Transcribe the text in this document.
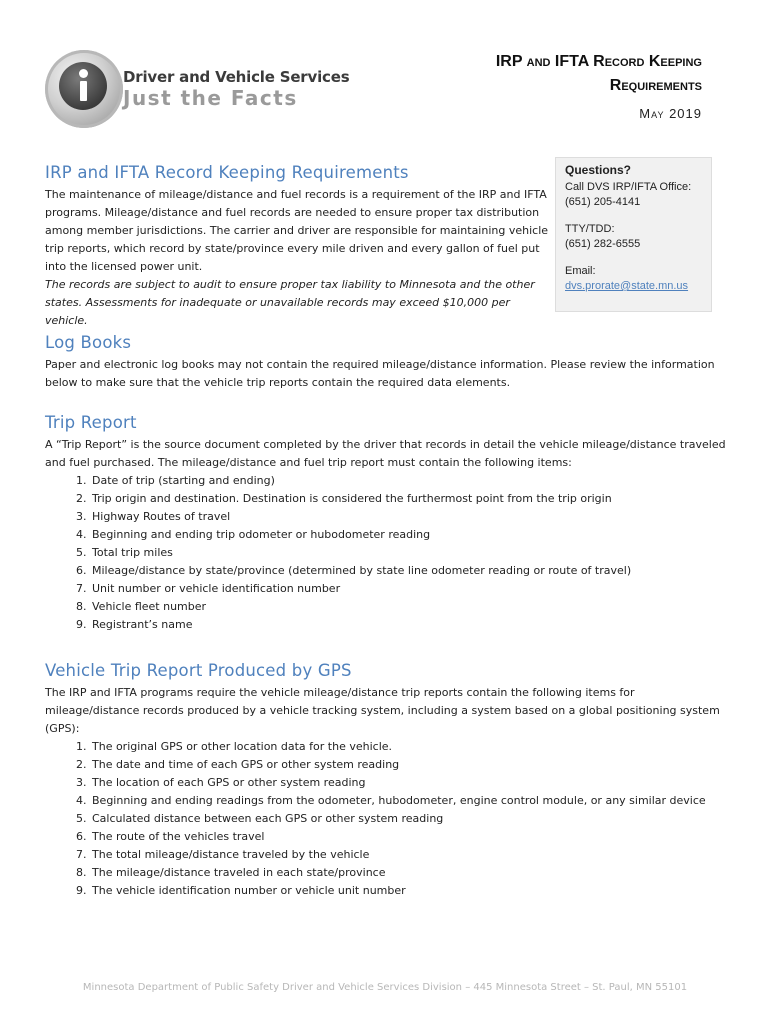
Driver and Vehicle Services
Just the Facts
IRP and IFTA Record Keeping
Requirements
May 2019
IRP and IFTA Record Keeping Requirements

The maintenance of mileage/distance and fuel records is a requirement of the IRP and IFTA programs. Mileage/distance and fuel records are needed to ensure proper tax distribution among member jurisdictions. The carrier and driver are responsible for maintaining vehicle trip reports, which record by state/province every mile driven and every gallon of fuel put into the licensed power unit.

The records are subject to audit to ensure proper tax liability to Minnesota and the other states. Assessments for inadequate or unavailable records may exceed $10,000 per vehicle.

Questions?
Call DVS IRP/IFTA Office:
(651) 205-4141
TTY/TDD:
(651) 282-6555
Email:
dvs.prorate@state.mn.us
Log Books

Paper and electronic log books may not contain the required mileage/distance information. Please review the information below to make sure that the vehicle trip reports contain the required data elements.

Trip Report

A “Trip Report” is the source document completed by the driver that records in detail the vehicle mileage/distance traveled and fuel purchased. The mileage/distance and fuel trip report must contain the following items:

1. Date of trip (starting and ending)
2. Trip origin and destination. Destination is considered the furthermost point from the trip origin
3. Highway Routes of travel
4. Beginning and ending trip odometer or hubodometer reading
5. Total trip miles
6. Mileage/distance by state/province (determined by state line odometer reading or route of travel)
7. Unit number or vehicle identification number
8. Vehicle fleet number
9. Registrant’s name
Vehicle Trip Report Produced by GPS

The IRP and IFTA programs require the vehicle mileage/distance trip reports contain the following items for mileage/distance records produced by a vehicle tracking system, including a system based on a global positioning system (GPS):

1. The original GPS or other location data for the vehicle.
2. The date and time of each GPS or other system reading
3. The location of each GPS or other system reading
4. Beginning and ending readings from the odometer, hubodometer, engine control module, or any similar device
5. Calculated distance between each GPS or other system reading
6. The route of the vehicles travel
7. The total mileage/distance traveled by the vehicle
8. The mileage/distance traveled in each state/province
9. The vehicle identification number or vehicle unit number
Minnesota Department of Public Safety Driver and Vehicle Services Division – 445 Minnesota Street – St. Paul, MN 55101
